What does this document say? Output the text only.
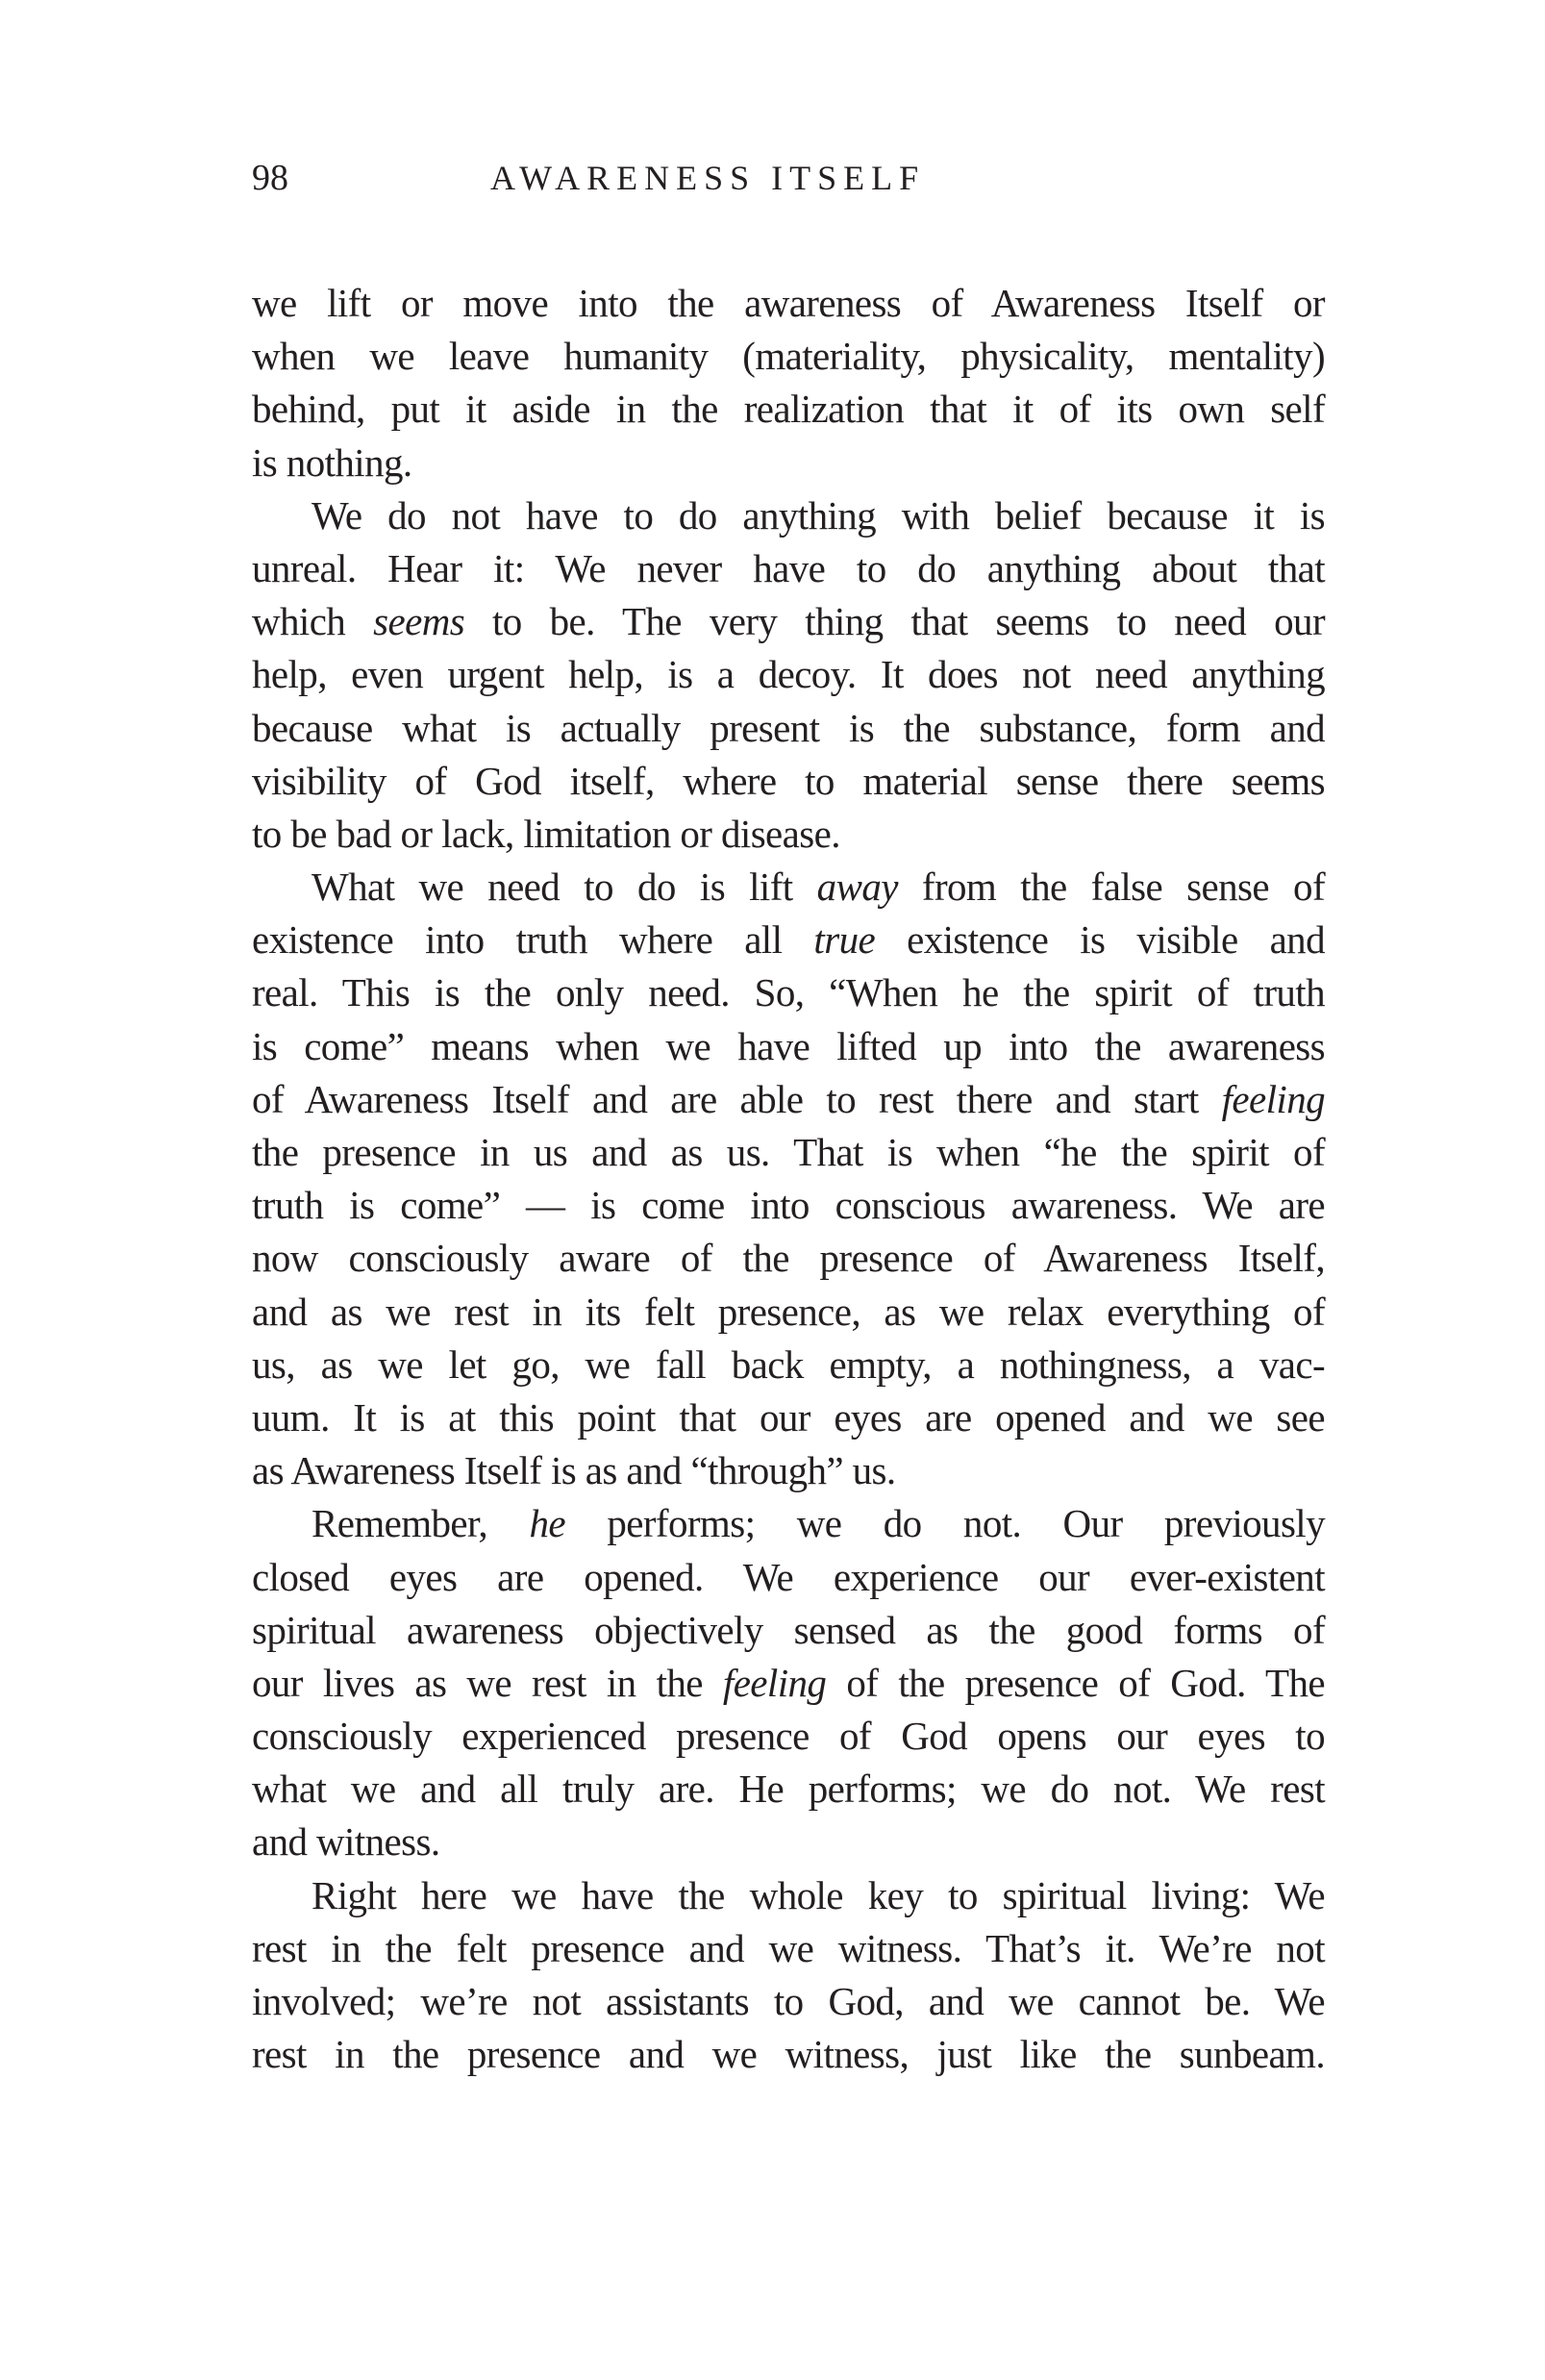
98	AWARENESS ITSELF
we lift or move into the awareness of Awareness Itself or
when we leave humanity (materiality, physicality, mentality)
behind, put it aside in the realization that it of its own self
is nothing.
We do not have to do anything with belief because it is
unreal. Hear it: We never have to do anything about that
which seems to be. The very thing that seems to need our
help, even urgent help, is a decoy. It does not need anything
because what is actually present is the substance, form and
visibility of God itself, where to material sense there seems
to be bad or lack, limitation or disease.
What we need to do is lift away from the false sense of
existence into truth where all true existence is visible and
real. This is the only need. So, “When he the spirit of truth
is come” means when we have lifted up into the awareness
of Awareness Itself and are able to rest there and start feeling
the presence in us and as us. That is when “he the spirit of
truth is come” — is come into conscious awareness. We are
now consciously aware of the presence of Awareness Itself,
and as we rest in its felt presence, as we relax everything of
us, as we let go, we fall back empty, a nothingness, a vac-
uum. It is at this point that our eyes are opened and we see
as Awareness Itself is as and “through” us.
Remember, he performs; we do not. Our previously
closed eyes are opened. We experience our ever-existent
spiritual awareness objectively sensed as the good forms of
our lives as we rest in the feeling of the presence of God. The
consciously experienced presence of God opens our eyes to
what we and all truly are. He performs; we do not. We rest
and witness.
Right here we have the whole key to spiritual living: We
rest in the felt presence and we witness. That’s it. We’re not
involved; we’re not assistants to God, and we cannot be. We
rest in the presence and we witness, just like the sunbeam.
